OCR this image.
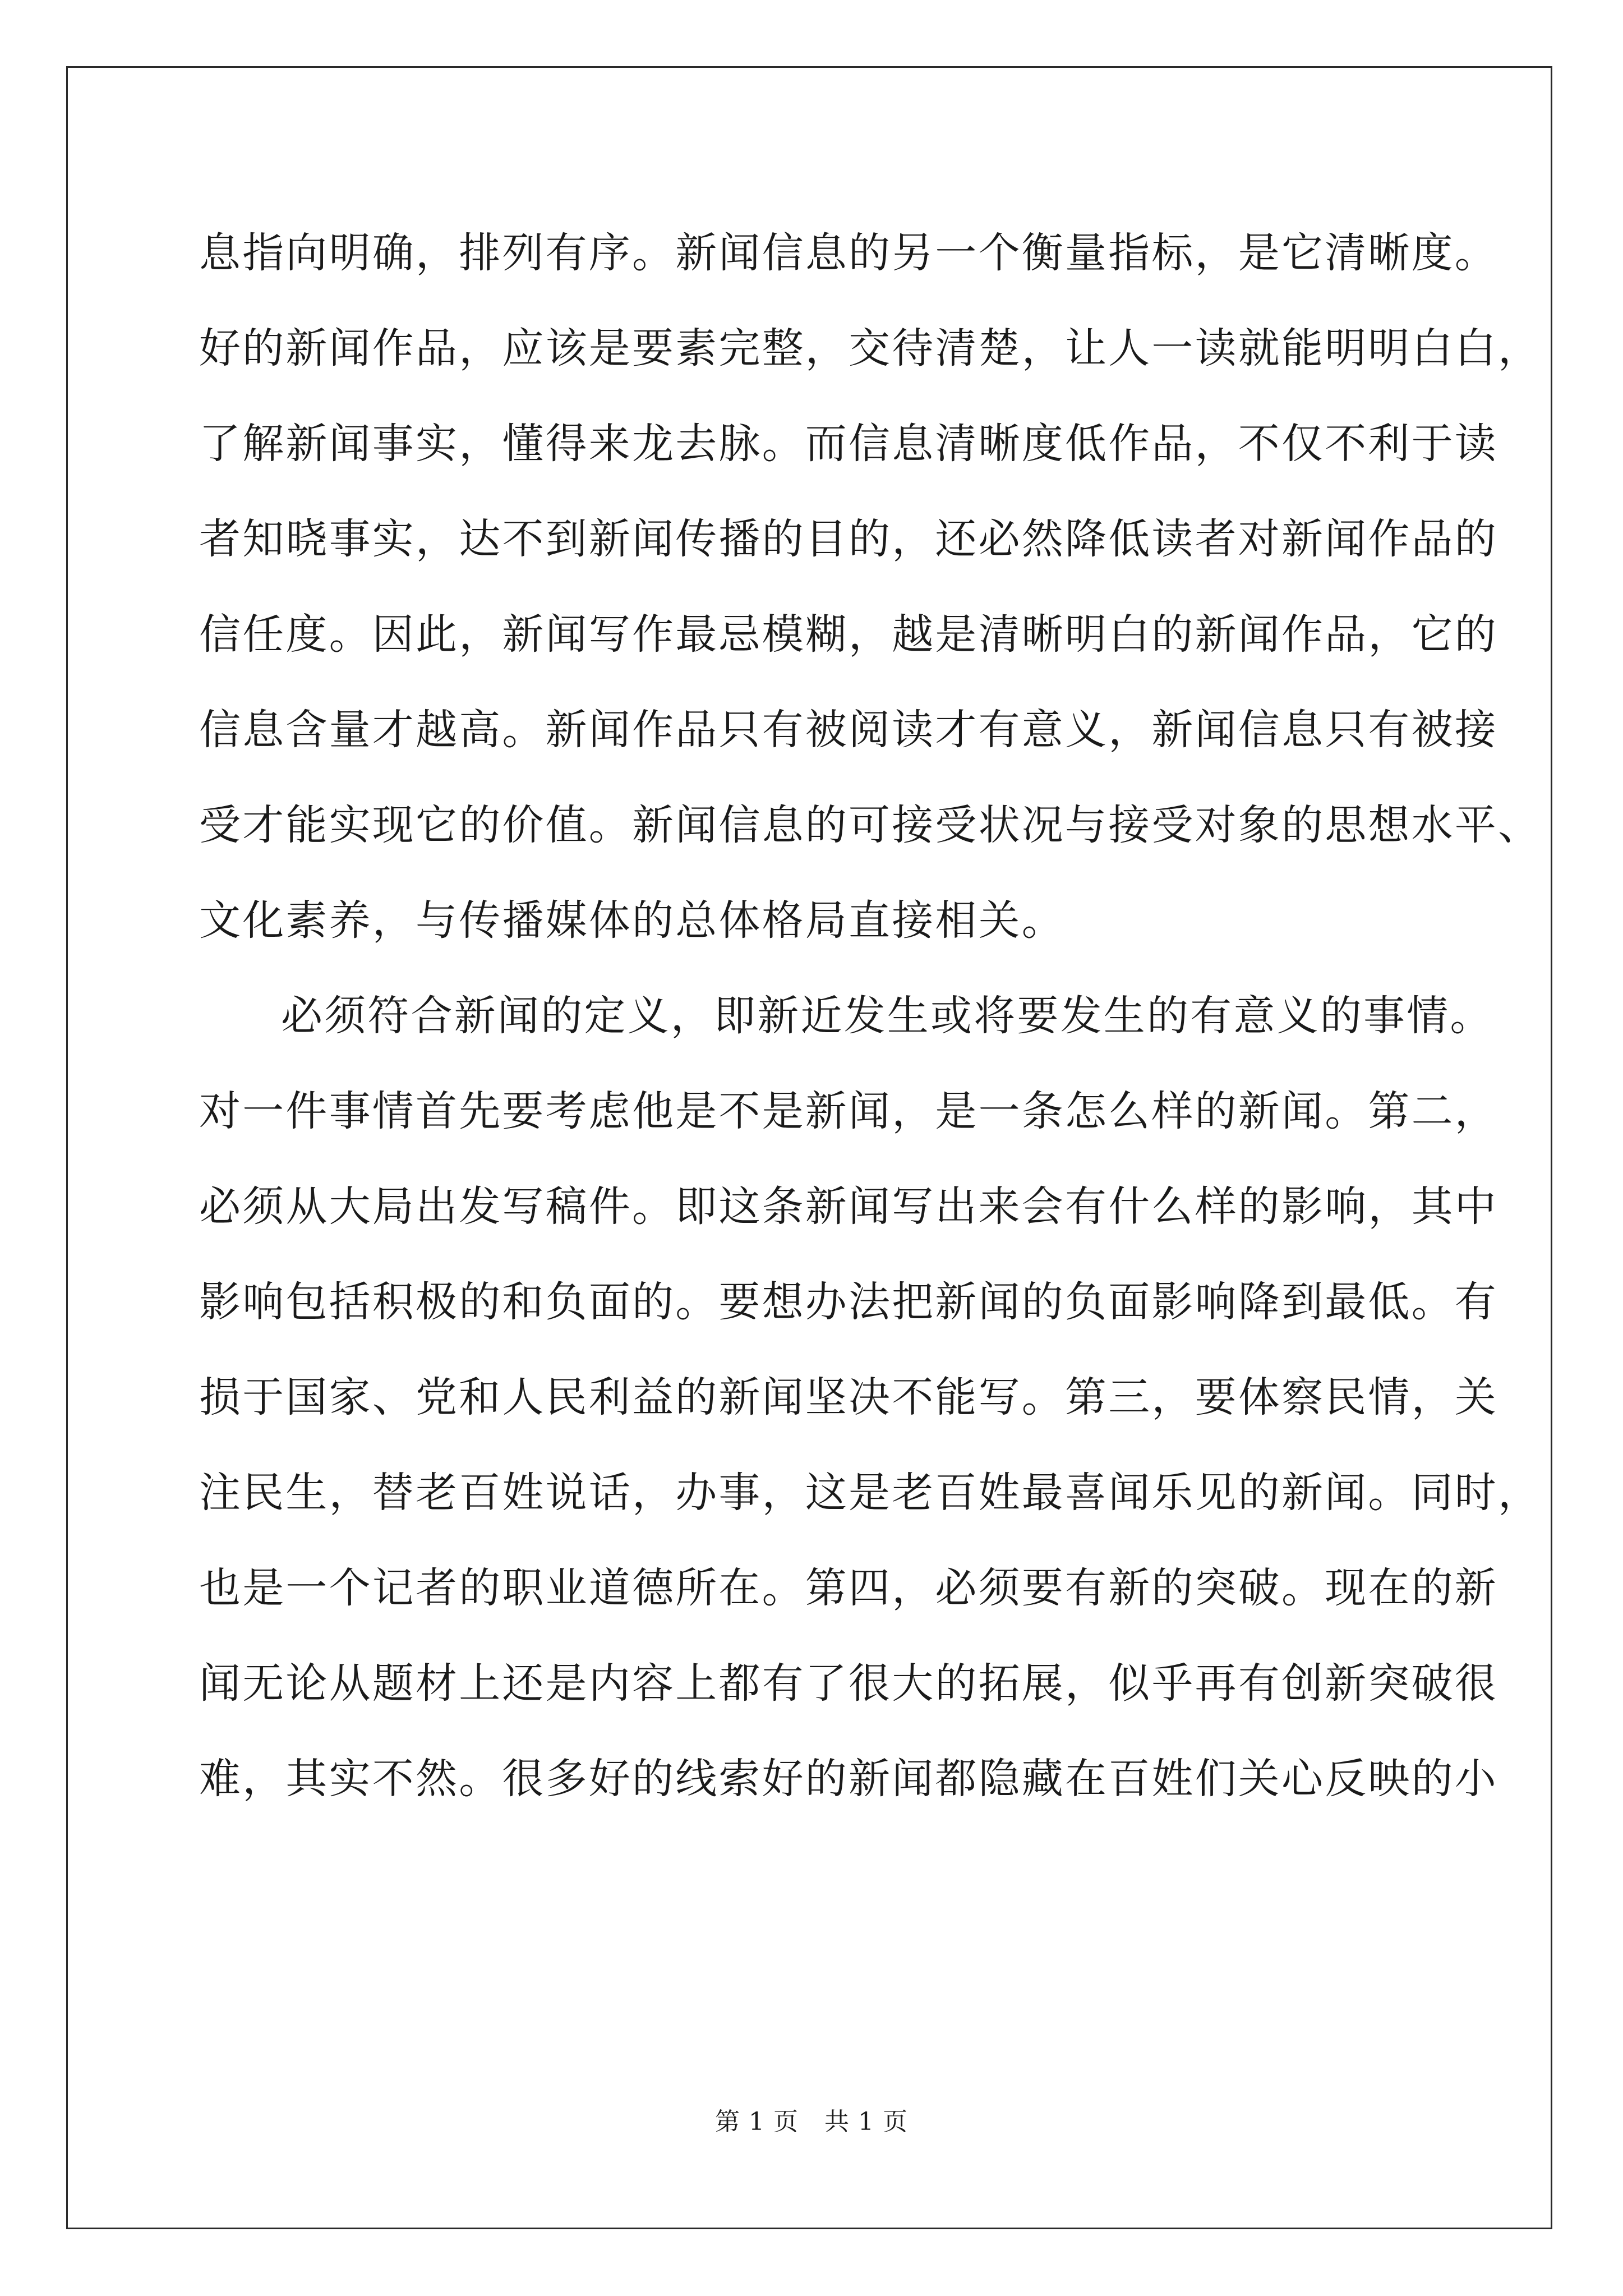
息指向明确，排列有序。新闻信息的另一个衡量指标，是它清晰度。
好的新闻作品，应该是要素完整，交待清楚，让人一读就能明明白白，
了解新闻事实，懂得来龙去脉。而信息清晰度低作品，不仅不利于读
者知晓事实，达不到新闻传播的目的，还必然降低读者对新闻作品的
信任度。因此，新闻写作最忌模糊，越是清晰明白的新闻作品，它的
信息含量才越高。新闻作品只有被阅读才有意义，新闻信息只有被接
受才能实现它的价值。新闻信息的可接受状况与接受对象的思想水平、
文化素养，与传播媒体的总体格局直接相关。
必须符合新闻的定义，即新近发生或将要发生的有意义的事情。
对一件事情首先要考虑他是不是新闻，是一条怎么样的新闻。第二，
必须从大局出发写稿件。即这条新闻写出来会有什么样的影响，其中
影响包括积极的和负面的。要想办法把新闻的负面影响降到最低。有
损于国家、党和人民利益的新闻坚决不能写。第三，要体察民情，关
注民生，替老百姓说话，办事，这是老百姓最喜闻乐见的新闻。同时，
也是一个记者的职业道德所在。第四，必须要有新的突破。现在的新
闻无论从题材上还是内容上都有了很大的拓展，似乎再有创新突破很
难，其实不然。很多好的线索好的新闻都隐藏在百姓们关心反映的小
第 1 页 共 1 页
